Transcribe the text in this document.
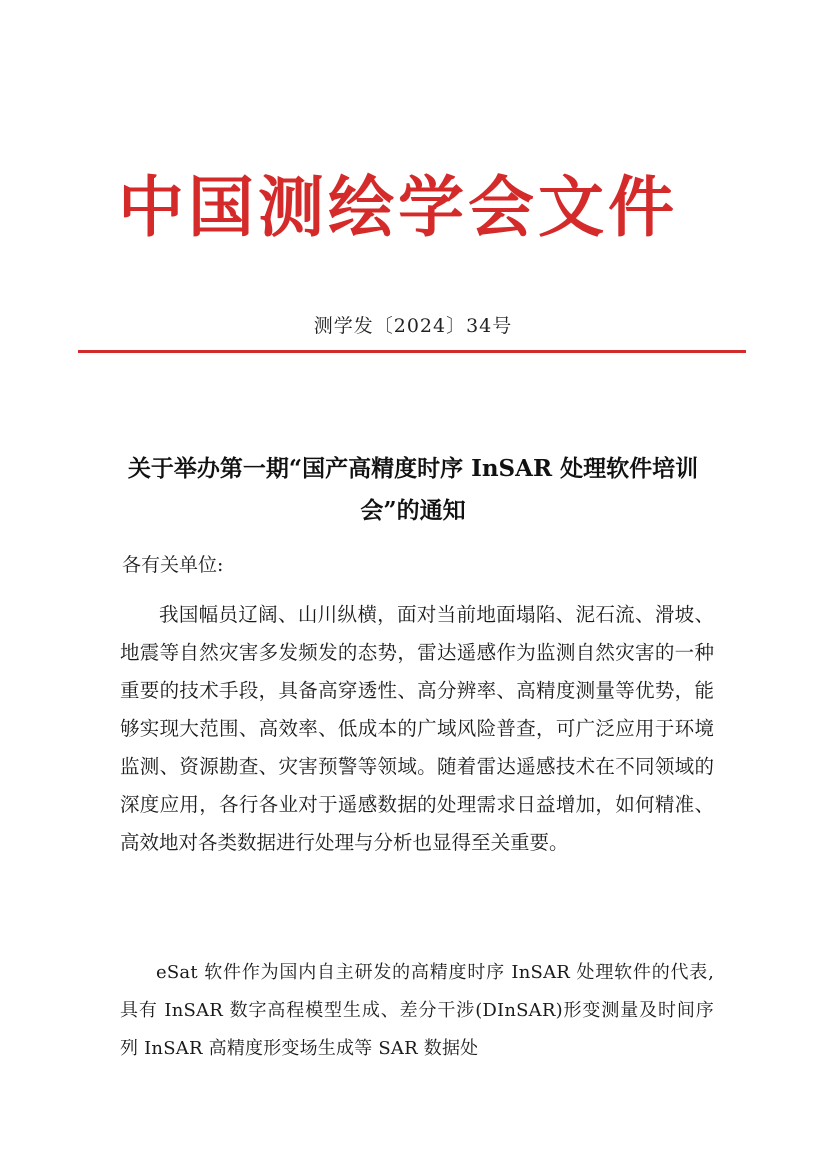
中国测绘学会文件
测学发〔2024〕34号
关于举办第一期“国产高精度时序 InSAR 处理软件培训会”的通知
各有关单位:

我国幅员辽阔、山川纵横，面对当前地面塌陷、泥石流、滑坡、地震等自然灾害多发频发的态势，雷达遥感作为监测自然灾害的一种重要的技术手段，具备高穿透性、高分辨率、高精度测量等优势，能够实现大范围、高效率、低成本的广域风险普查，可广泛应用于环境监测、资源勘查、灾害预警等领域。随着雷达遥感技术在不同领域的深度应用，各行各业对于遥感数据的处理需求日益增加，如何精准、高效地对各类数据进行处理与分析也显得至关重要。

eSat 软件作为国内自主研发的高精度时序 InSAR 处理软件的代表,具有 InSAR 数字高程模型生成、差分干涉(DInSAR)形变测量及时间序列 InSAR 高精度形变场生成等 SAR 数据处
